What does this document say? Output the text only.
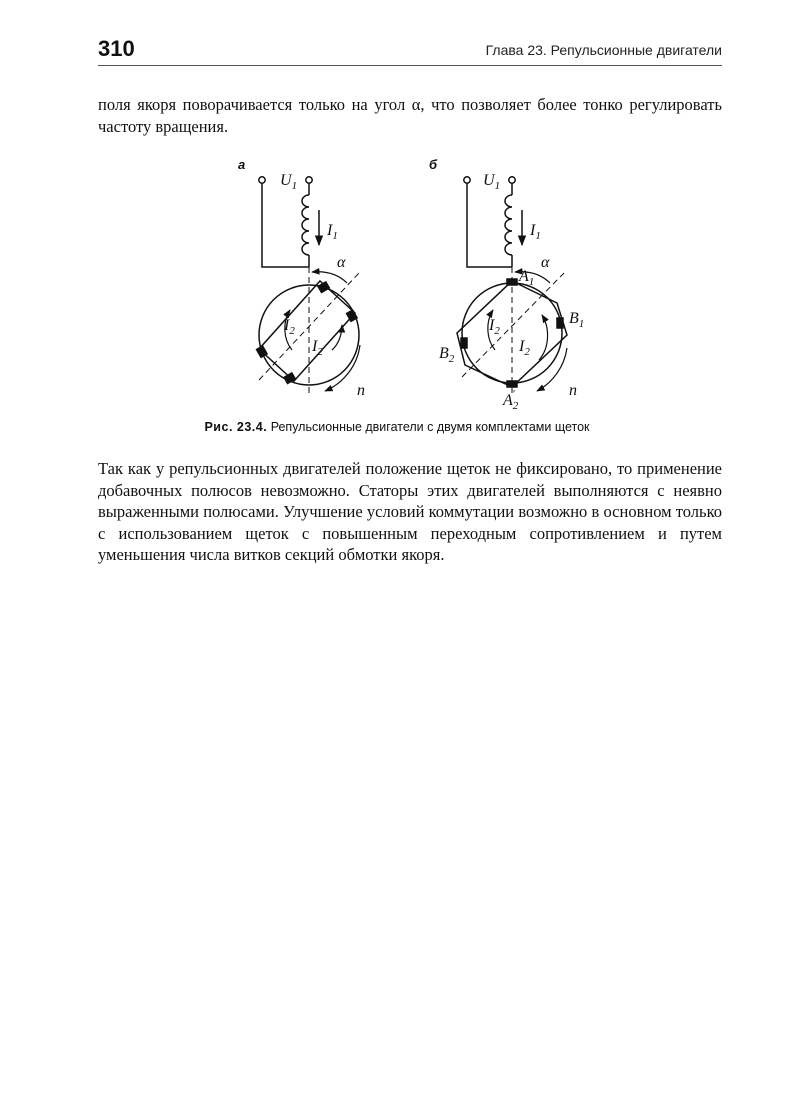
310	Глава 23. Репульсионные двигатели

поля якоря поворачивается только на угол α, что позволяет более тонко регулировать частоту вращения.

а
$U_1$
$I_1$
α
$I_2$
$I_2$
n
б
$U_1$
$I_1$
α
$A_1$
$B_1$
$B_2$
$A_2'$
$I_2$
$I_2$
n
Рис. 23.4. Репульсионные двигатели с двумя комплектами щеток

Так как у репульсионных двигателей положение щеток не фиксировано, то применение добавочных полюсов невозможно. Статоры этих двигателей выполняются с неявно выраженными полюсами. Улучшение условий коммутации возможно в основном только с использованием щеток с повышенным переходным сопротивлением и путем уменьшения числа витков секций обмотки якоря.
